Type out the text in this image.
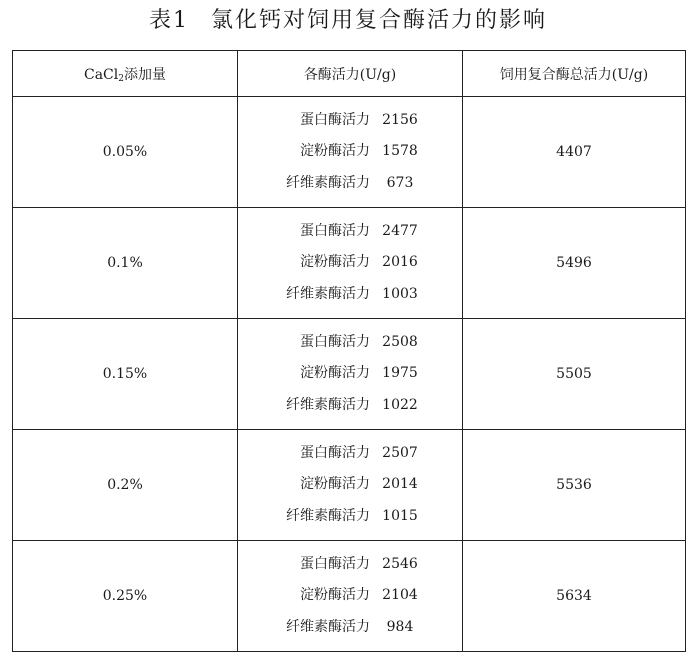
表1 氯化钙对饲用复合酶活力的影响
CaCl$_2$添加量	各酶活力(U/g)	饲用复合酶总活力(U/g)
0.05%	蛋白酶活力 2156
淀粉酶活力 1578
纤维素酶活力 673	4407
0.1%	蛋白酶活力 2477
淀粉酶活力 2016
纤维素酶活力 1003	5496
0.15%	蛋白酶活力 2508
淀粉酶活力 1975
纤维素酶活力 1022	5505
0.2%	蛋白酶活力 2507
淀粉酶活力 2014
纤维素酶活力 1015	5536
0.25%	蛋白酶活力 2546
淀粉酶活力 2104
纤维素酶活力 984	5634
